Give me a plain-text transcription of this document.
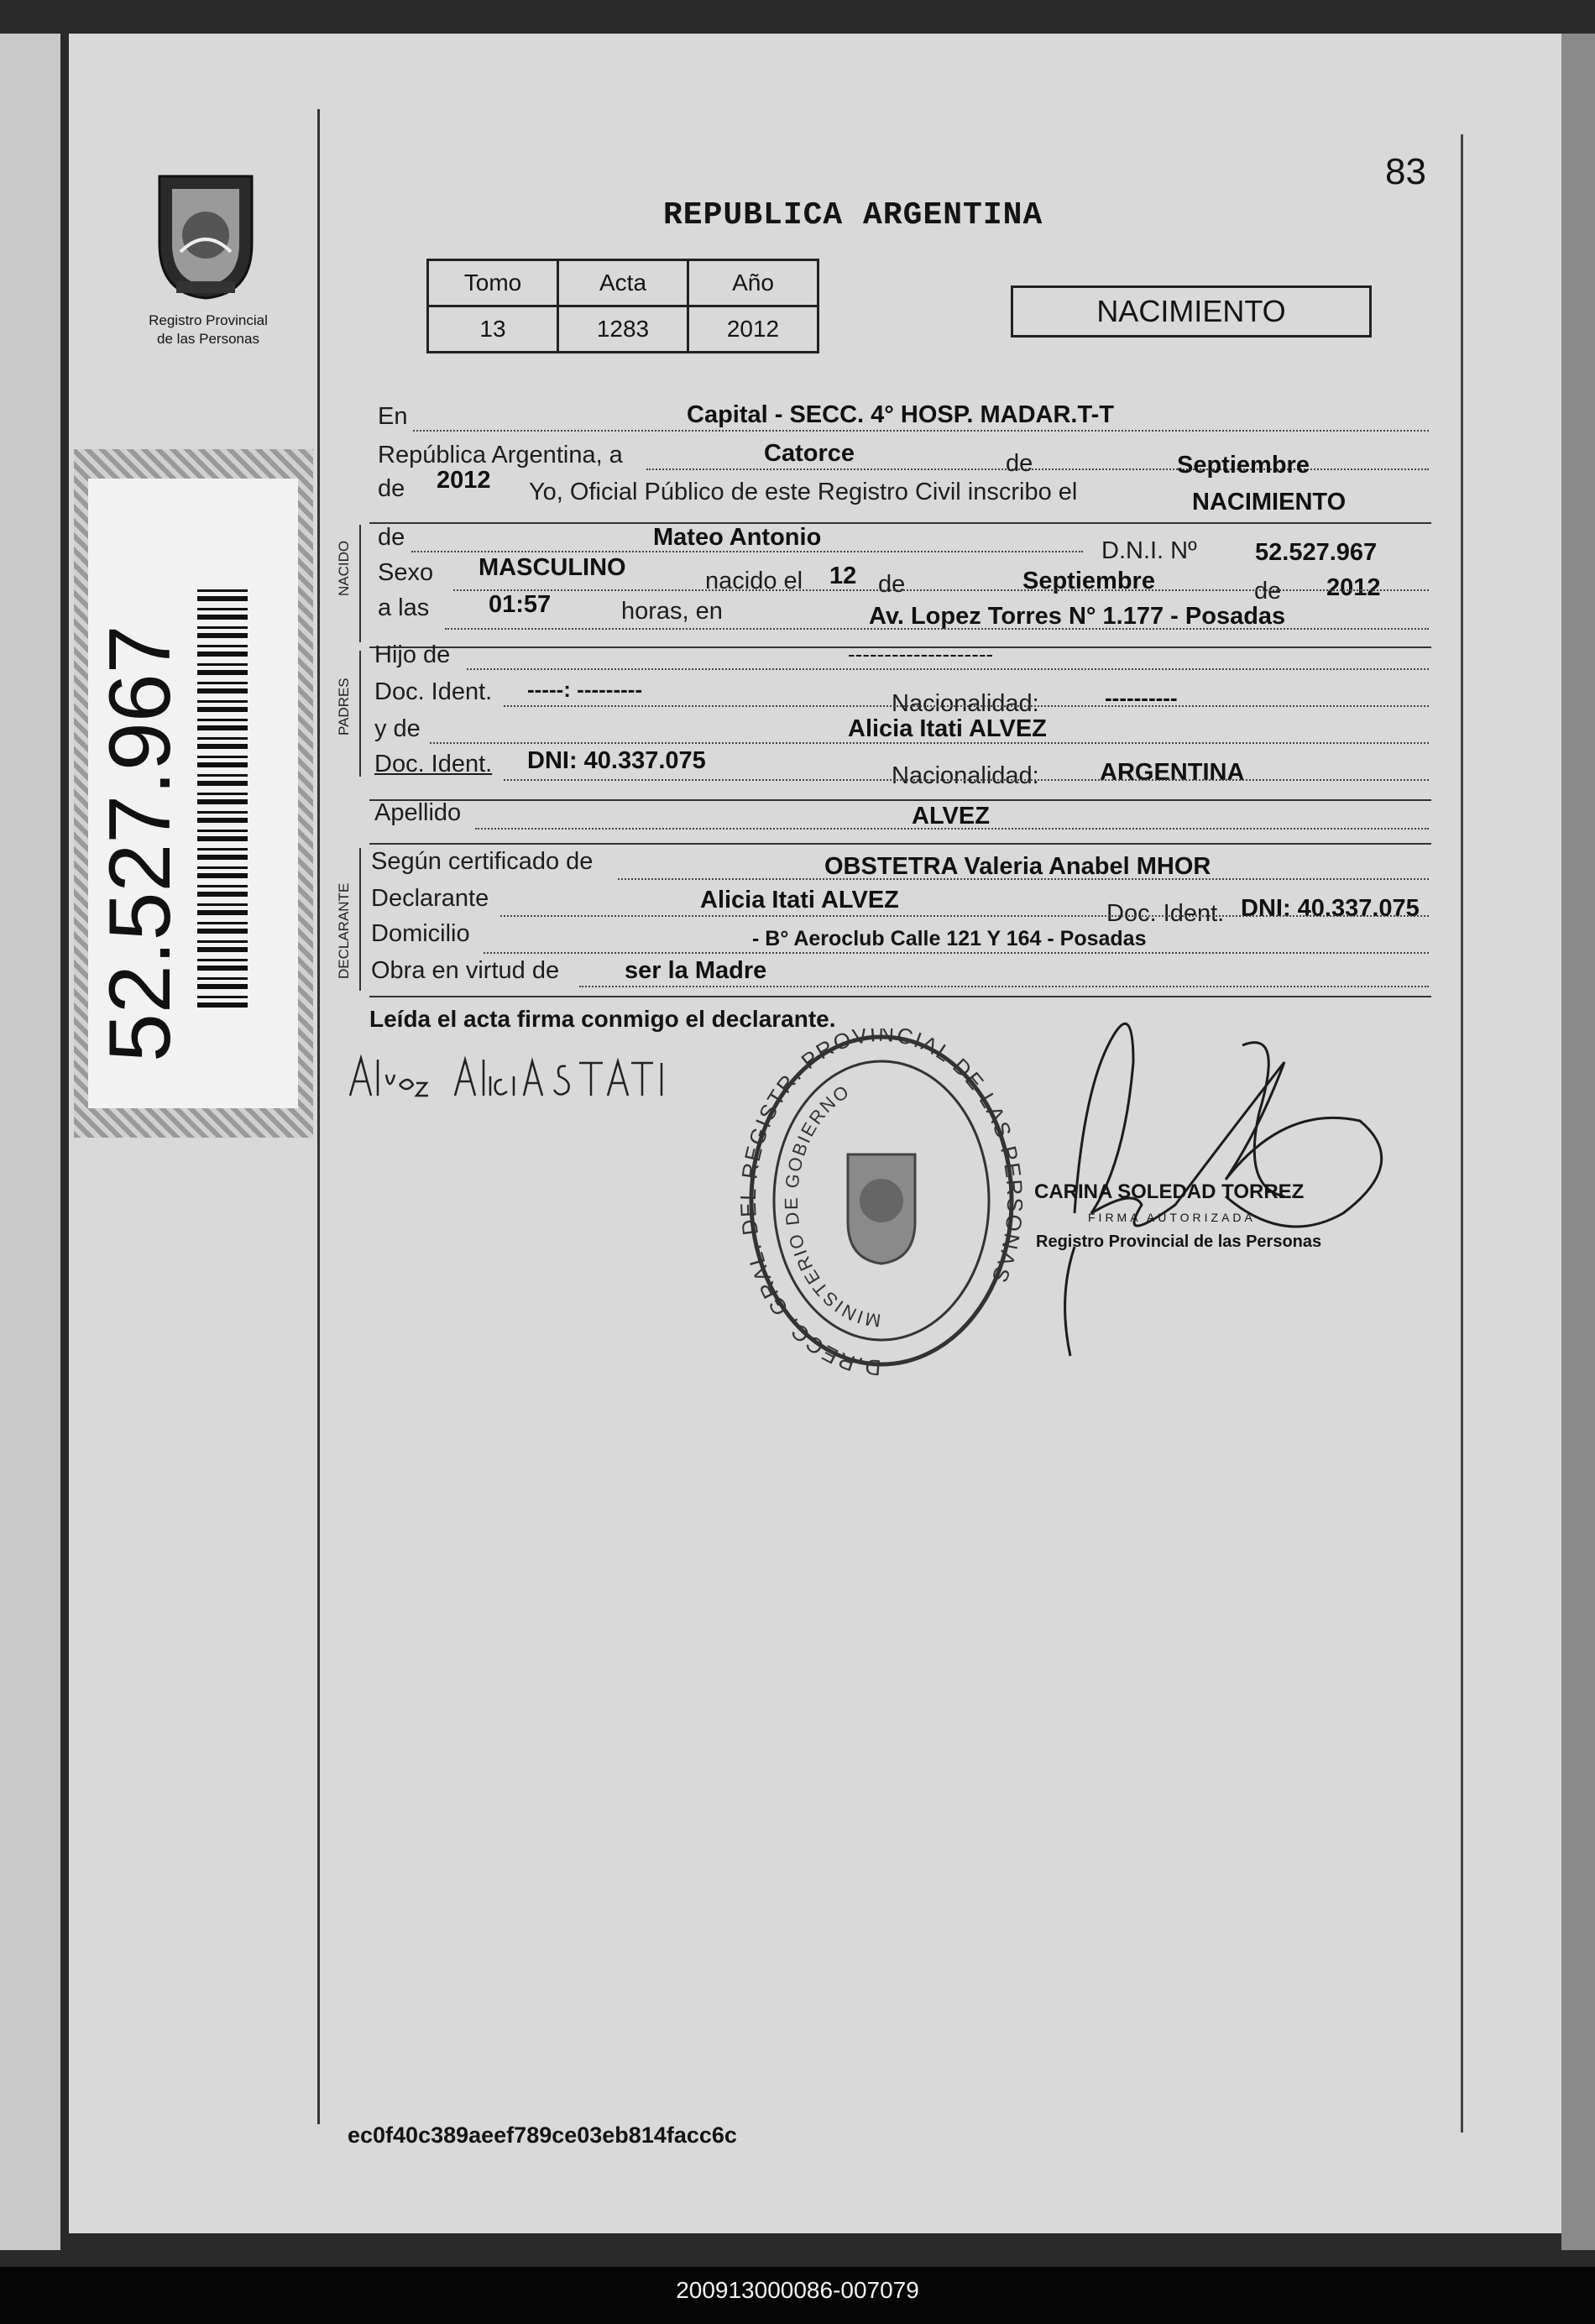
Registro Provincial
de las Personas
52.527.967
83
REPUBLICA ARGENTINA
Tomo	Acta	Año
13	1283	2012
NACIMIENTO
En	Capital - SECC. 4° HOSP. MADAR.T-T
República Argentina, a	Catorce	de	Septiembre
de 2012 Yo, Oficial Público de este Registro Civil inscribo el	NACIMIENTO
NACIDO
de	Mateo Antonio	D.N.I. Nº 52.527.967
Sexo MASCULINO	nacido el 12 de	Septiembre	de 2012
a las 01:57	horas, en	Av. Lopez Torres N° 1.177 - Posadas
PADRES
Hijo de	--------------------
Doc. Ident. -----: ---------
Nacionalidad:	----------
y de	Alicia Itati ALVEZ
Doc. Ident. DNI: 40.337.075
Nacionalidad: ARGENTINA
Apellido	ALVEZ
DECLARANTE
Según certificado de	OBSTETRA Valeria Anabel MHOR
Declarante	Alicia Itati ALVEZ	Doc. Ident. DNI: 40.337.075
Domicilio	- B° Aeroclub Calle 121 Y 164 - Posadas
Obra en virtud de	ser la Madre
Leída el acta firma conmigo el declarante.
D.RECC. GRAL. D REGISTR. PROVINCIAL DE LAS PE NAS
MINISTERIO DE GOBIERNO
CARINA SOLEDAD TORREZ
FIRMA AUTORIZADA
Registro Provincial de las Personas
ec0f40c389aeef789ce03eb814facc6c
200913000086-007079
